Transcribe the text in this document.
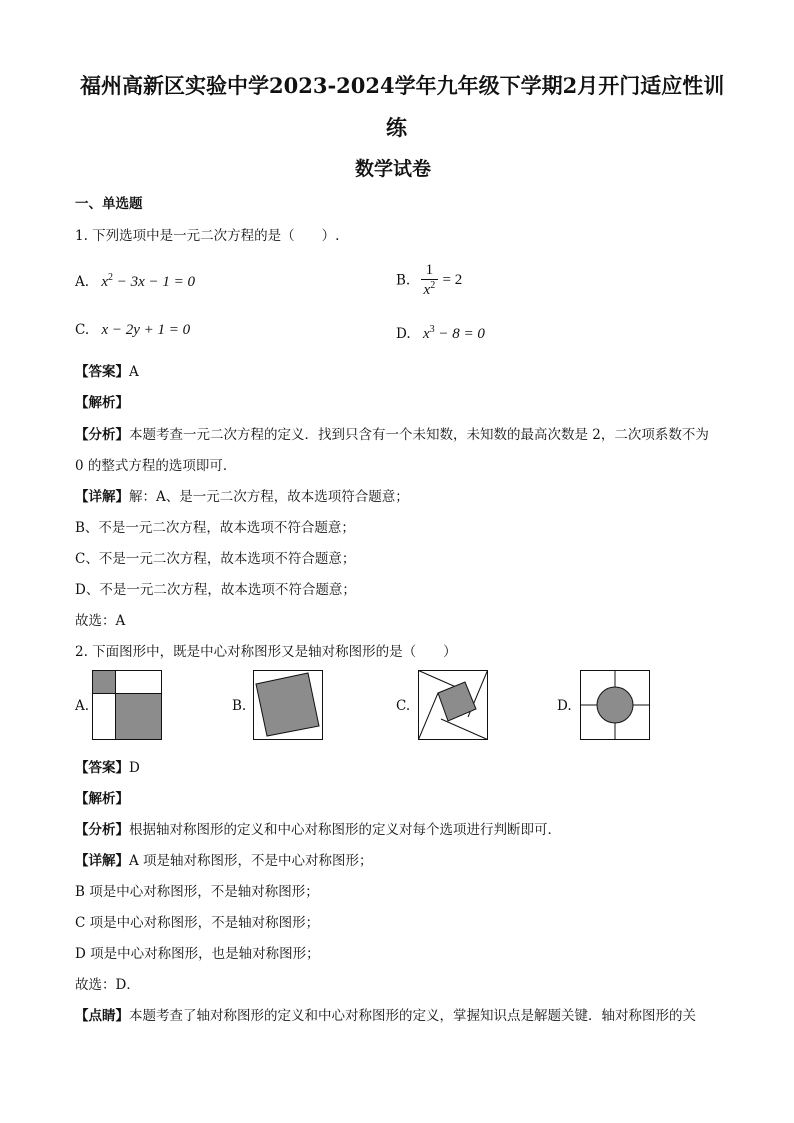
福州高新区实验中学2023-2024学年九年级下学期2月开门适应性训
练
数学试卷
一、单选题
1. 下列选项中是一元二次方程的是（　　）.
A. $x^2 - 3x - 1 = 0$	B. $\frac{1}{x^2} = 2$
C. x − 2y + 1 = 0	D. $x^3 - 8 = 0$
【答案】A
【解析】
【分析】本题考查一元二次方程的定义．找到只含有一个未知数，未知数的最高次数是 2，二次项系数不为
0 的整式方程的选项即可．
【详解】解：A、是一元二次方程，故本选项符合题意；
B、不是一元二次方程，故本选项不符合题意；
C、不是一元二次方程，故本选项不符合题意；
D、不是一元二次方程，故本选项不符合题意；
故选：A
2. 下面图形中，既是中心对称图形又是轴对称图形的是（　　）
A.	B.	C.	D.
【答案】D
【解析】
【分析】根据轴对称图形的定义和中心对称图形的定义对每个选项进行判断即可．
【详解】A 项是轴对称图形，不是中心对称图形；
B 项是中心对称图形，不是轴对称图形；
C 项是中心对称图形，不是轴对称图形；
D 项是中心对称图形，也是轴对称图形；
故选：D．
【点睛】本题考查了轴对称图形的定义和中心对称图形的定义，掌握知识点是解题关键．轴对称图形的关
